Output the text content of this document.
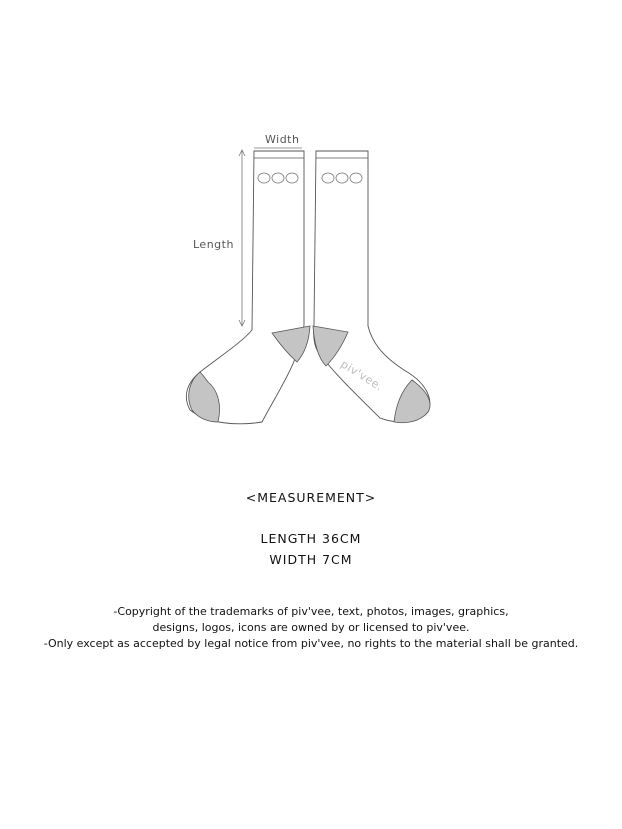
Width
Length
piv'vee.
<MEASUREMENT>
LENGTH 36CM
WIDTH 7CM
-Copyright of the trademarks of piv'vee, text, photos, images, graphics,
designs, logos, icons are owned by or licensed to piv'vee.
-Only except as accepted by legal notice from piv'vee, no rights to the material shall be granted.
